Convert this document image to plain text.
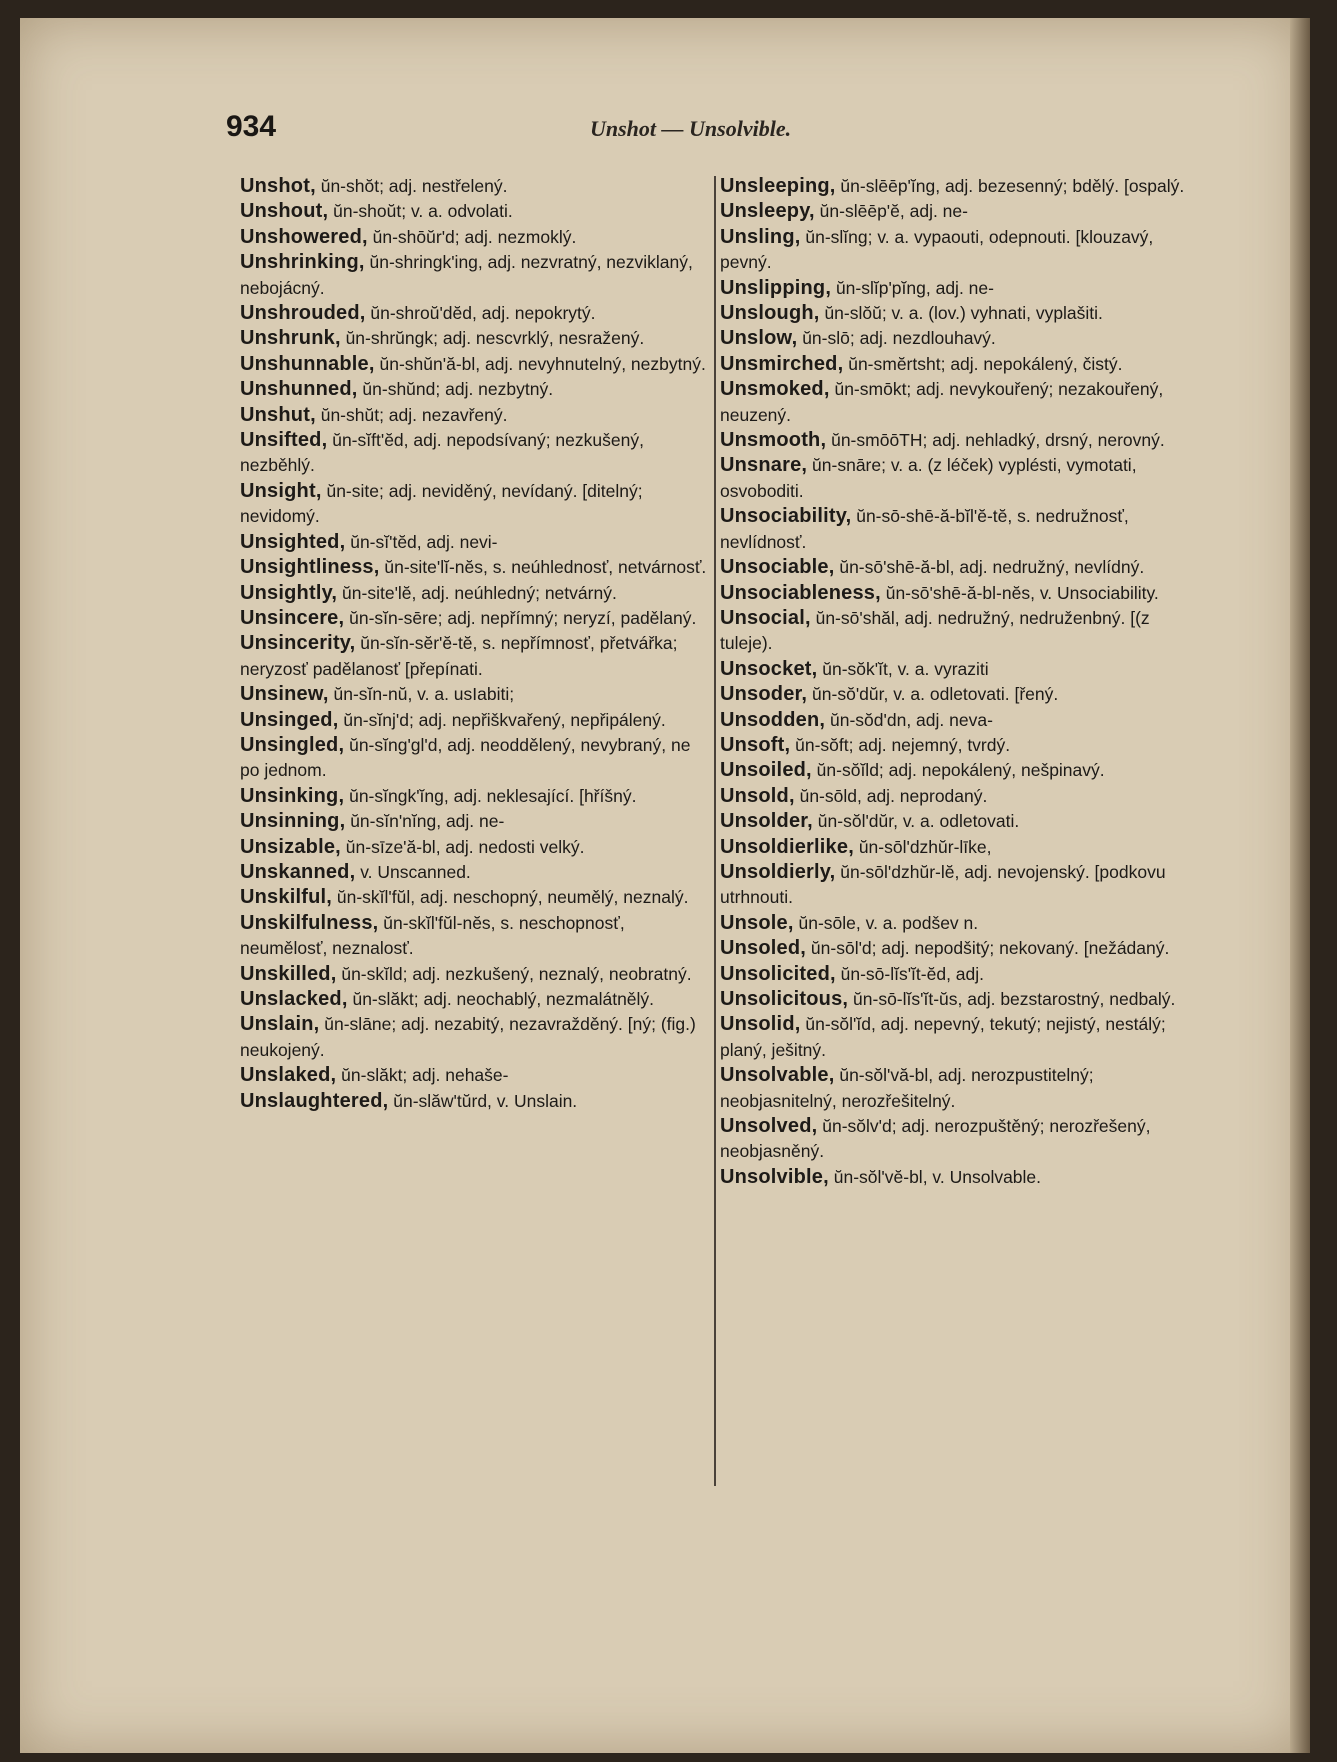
934	Unshot — Unsolvible.
Unshot, ŭn-shŏt; adj. nestřelený.
Unshout, ŭn-shoŭt; v. a. odvolati.
Unshowered, ŭn-shōŭr'd; adj. nezmoklý.
Unshrinking, ŭn-shringk'ing, adj. nezvratný, nezviklaný, nebojácný.
Unshrouded, ŭn-shroŭ'dĕd, adj. nepokrytý.
Unshrunk, ŭn-shrŭngk; adj. nescvrklý, nesražený.
Unshunnable, ŭn-shŭn'ă-bl, adj. nevyhnutelný, nezbytný.
Unshunned, ŭn-shŭnd; adj. nezbytný.
Unshut, ŭn-shŭt; adj. nezavřený.
Unsifted, ŭn-sĭft'ĕd, adj. nepodsívaný; nezkušený, nezběhlý.
Unsight, ŭn-site; adj. neviděný, nevídaný. [ditelný; nevidomý.
Unsighted, ŭn-sĭ'tĕd, adj. nevi-
Unsightliness, ŭn-site'lĭ-nĕs, s. neúhlednosť, netvárnosť.
Unsightly, ŭn-site'lĕ, adj. neúhledný; netvárný.
Unsincere, ŭn-sĭn-sēre; adj. nepřímný; neryzí, padělaný.
Unsincerity, ŭn-sĭn-sĕr'ĕ-tĕ, s. nepřímnosť, přetvářka; neryzosť padělanosť [přepínati.
Unsinew, ŭn-sĭn-nŭ, v. a. usIabiti;
Unsinged, ŭn-sĭnj'd; adj. nepřiškvařený, nepřipálený.
Unsingled, ŭn-sĭng'gl'd, adj. neoddělený, nevybraný, ne po jednom.
Unsinking, ŭn-sĭngk'ĭng, adj. neklesající. [hříšný.
Unsinning, ŭn-sĭn'nĭng, adj. ne-
Unsizable, ŭn-sīze'ă-bl, adj. nedosti velký.
Unskanned, v. Unscanned.
Unskilful, ŭn-skĭl'fŭl, adj. neschopný, neumělý, neznalý.
Unskilfulness, ŭn-skĭl'fŭl-nĕs, s. neschopnosť, neumělosť, neznalosť.
Unskilled, ŭn-skĭld; adj. nezkušený, neznalý, neobratný.
Unslacked, ŭn-slăkt; adj. neochablý, nezmalátnělý.
Unslain, ŭn-slāne; adj. nezabitý, nezavražděný. [ný; (fig.) neukojený.
Unslaked, ŭn-slăkt; adj. nehaše-
Unslaughtered, ŭn-slăw'tŭrd, v. Unslain.
Unsleeping, ŭn-slēēp'ĭng, adj. bezesenný; bdělý. [ospalý.
Unsleepy, ŭn-slēēp'ĕ, adj. ne-
Unsling, ŭn-slĭng; v. a. vypaouti, odepnouti. [klouzavý, pevný.
Unslipping, ŭn-slĭp'pĭng, adj. ne-
Unslough, ŭn-slŏŭ; v. a. (lov.) vyhnati, vyplašiti.
Unslow, ŭn-slō; adj. nezdlouhavý.
Unsmirched, ŭn-smĕrtsht; adj. nepokálený, čistý.
Unsmoked, ŭn-smōkt; adj. nevykouřený; nezakouřený, neuzený.
Unsmooth, ŭn-smōōTH; adj. nehladký, drsný, nerovný.
Unsnare, ŭn-snāre; v. a. (z léček) vyplésti, vymotati, osvoboditi.
Unsociability, ŭn-sō-shē-ă-bĭl'ĕ-tĕ, s. nedružnosť, nevlídnosť.
Unsociable, ŭn-sō'shē-ă-bl, adj. nedružný, nevlídný.
Unsociableness, ŭn-sō'shē-ă-bl-nĕs, v. Unsociability.
Unsocial, ŭn-sō'shăl, adj. nedružný, nedruženbný. [(z tuleje).
Unsocket, ŭn-sŏk'ĭt, v. a. vyraziti
Unsoder, ŭn-sŏ'dŭr, v. a. odletovati. [řený.
Unsodden, ŭn-sŏd'dn, adj. neva-
Unsoft, ŭn-sŏft; adj. nejemný, tvrdý.
Unsoiled, ŭn-sŏĭld; adj. nepokálený, nešpinavý.
Unsold, ŭn-sōld, adj. neprodaný.
Unsolder, ŭn-sŏl'dŭr, v. a. odletovati.
Unsoldierlike, ŭn-sōl'dzhŭr-līke,
Unsoldierly, ŭn-sōl'dzhŭr-lĕ, adj. nevojenský. [podkovu utrhnouti.
Unsole, ŭn-sōle, v. a. podšev n.
Unsoled, ŭn-sōl'd; adj. nepodšitý; nekovaný. [nežádaný.
Unsolicited, ŭn-sō-lĭs'ĭt-ĕd, adj.
Unsolicitous, ŭn-sō-lĭs'ĭt-ŭs, adj. bezstarostný, nedbalý.
Unsolid, ŭn-sŏl'ĭd, adj. nepevný, tekutý; nejistý, nestálý; planý, ješitný.
Unsolvable, ŭn-sŏl'vă-bl, adj. nerozpustitelný; neobjasnitelný, nerozřešitelný.
Unsolved, ŭn-sŏlv'd; adj. nerozpuštěný; nerozřešený, neobjasněný.
Unsolvible, ŭn-sŏl'vĕ-bl, v. Unsolvable.
